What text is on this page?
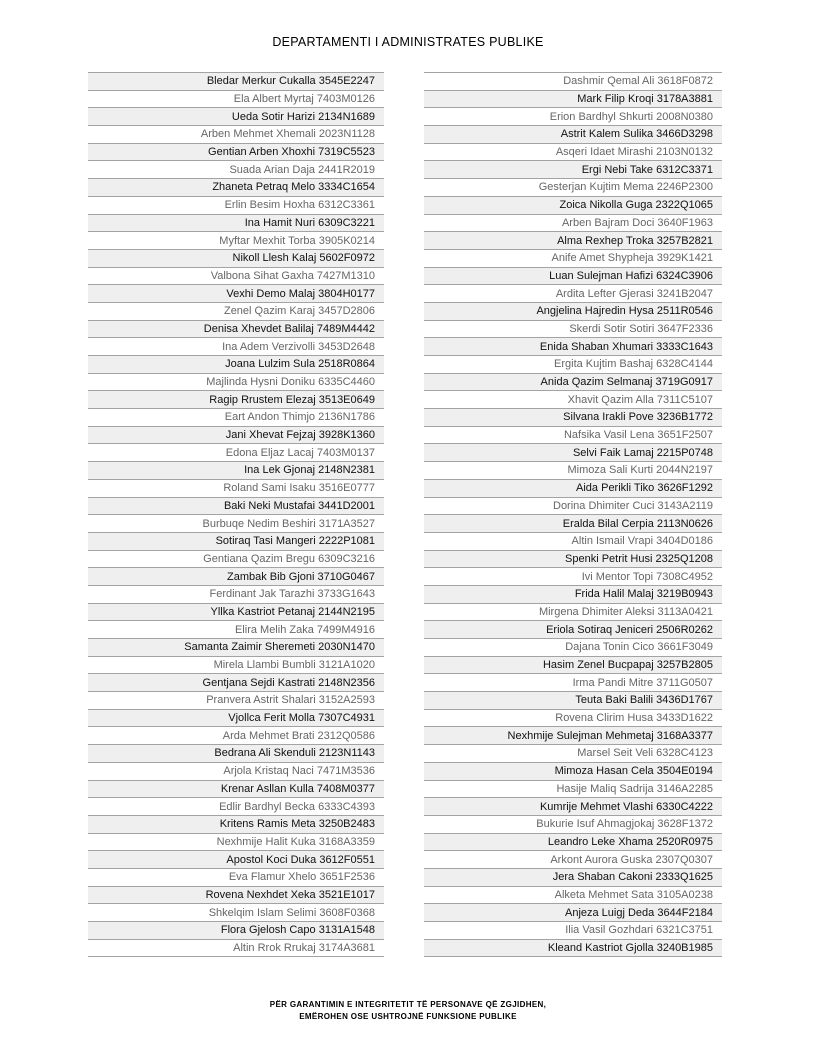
DEPARTAMENTI I ADMINISTRATES PUBLIKE
Bledar Merkur Cukalla 3545E2247
Ela Albert Myrtaj 7403M0126
Ueda Sotir Harizi 2134N1689
Arben Mehmet Xhemali 2023N1128
Gentian Arben Xhoxhi 7319C5523
Suada Arian Daja 2441R2019
Zhaneta Petraq Melo 3334C1654
Erlin Besim Hoxha 6312C3361
Ina Hamit Nuri 6309C3221
Myftar Mexhit Torba 3905K0214
Nikoll Llesh Kalaj 5602F0972
Valbona Sihat Gaxha 7427M1310
Vexhi Demo Malaj 3804H0177
Zenel Qazim Karaj 3457D2806
Denisa Xhevdet Balilaj 7489M4442
Ina Adem Verzivolli 3453D2648
Joana Lulzim Sula 2518R0864
Majlinda Hysni Doniku 6335C4460
Ragip Rrustem Elezaj 3513E0649
Eart Andon Thimjo 2136N1786
Jani Xhevat Fejzaj 3928K1360
Edona Eljaz Lacaj 7403M0137
Ina Lek Gjonaj 2148N2381
Roland Sami Isaku 3516E0777
Baki Neki Mustafai 3441D2001
Burbuqe Nedim Beshiri 3171A3527
Sotiraq Tasi Mangeri 2222P1081
Gentiana Qazim Bregu 6309C3216
Zambak Bib Gjoni 3710G0467
Ferdinant Jak Tarazhi 3733G1643
Yllka Kastriot Petanaj 2144N2195
Elira Melih Zaka 7499M4916
Samanta Zaimir Sheremeti 2030N1470
Mirela Llambi Bumbli 3121A1020
Gentjana Sejdi Kastrati 2148N2356
Pranvera Astrit Shalari 3152A2593
Vjollca Ferit Molla 7307C4931
Arda Mehmet Brati 2312Q0586
Bedrana Ali Skenduli 2123N1143
Arjola Kristaq Naci 7471M3536
Krenar Asllan Kulla 7408M0377
Edlir Bardhyl Becka 6333C4393
Kritens Ramis Meta 3250B2483
Nexhmije Halit Kuka 3168A3359
Apostol Koci Duka 3612F0551
Eva Flamur Xhelo 3651F2536
Rovena Nexhdet Xeka 3521E1017
Shkelqim Islam Selimi 3608F0368
Flora Gjelosh Capo 3131A1548
Altin Rrok Rrukaj 3174A3681
Dashmir Qemal Ali 3618F0872
Mark Filip Kroqi 3178A3881
Erion Bardhyl Shkurti 2008N0380
Astrit Kalem Sulika 3466D3298
Asqeri Idaet Mirashi 2103N0132
Ergi Nebi Take 6312C3371
Gesterjan Kujtim Mema 2246P2300
Zoica Nikolla Guga 2322Q1065
Arben Bajram Doci 3640F1963
Alma Rexhep Troka 3257B2821
Anife Amet Shypheja 3929K1421
Luan Sulejman Hafizi 6324C3906
Ardita Lefter Gjerasi 3241B2047
Angjelina Hajredin Hysa 2511R0546
Skerdi Sotir Sotiri 3647F2336
Enida Shaban Xhumari 3333C1643
Ergita Kujtim Bashaj 6328C4144
Anida Qazim Selmanaj 3719G0917
Xhavit Qazim Alla 7311C5107
Silvana Irakli Pove 3236B1772
Nafsika Vasil Lena 3651F2507
Selvi Faik Lamaj 2215P0748
Mimoza Sali Kurti 2044N2197
Aida Perikli Tiko 3626F1292
Dorina Dhimiter Cuci 3143A2119
Eralda Bilal Cerpia 2113N0626
Altin Ismail Vrapi 3404D0186
Spenki Petrit Husi 2325Q1208
Ivi Mentor Topi 7308C4952
Frida Halil Malaj 3219B0943
Mirgena Dhimiter Aleksi 3113A0421
Eriola Sotiraq Jeniceri 2506R0262
Dajana Tonin Cico 3661F3049
Hasim Zenel Bucpapaj 3257B2805
Irma Pandi Mitre 3711G0507
Teuta Baki Balili 3436D1767
Rovena Clirim Husa 3433D1622
Nexhmije Sulejman Mehmetaj 3168A3377
Marsel Seit Veli 6328C4123
Mimoza Hasan Cela 3504E0194
Hasije Maliq Sadrija 3146A2285
Kumrije Mehmet Vlashi 6330C4222
Bukurie Isuf Ahmagjokaj 3628F1372
Leandro Leke Xhama 2520R0975
Arkont Aurora Guska 2307Q0307
Jera Shaban Cakoni 2333Q1625
Alketa Mehmet Sata 3105A0238
Anjeza Luigj Deda 3644F2184
Ilia Vasil Gozhdari 6321C3751
Kleand Kastriot Gjolla 3240B1985
PËR GARANTIMIN E INTEGRITETIT TË PERSONAVE QË ZGJIDHEN,
EMËROHEN OSE USHTROJNË FUNKSIONE PUBLIKE
